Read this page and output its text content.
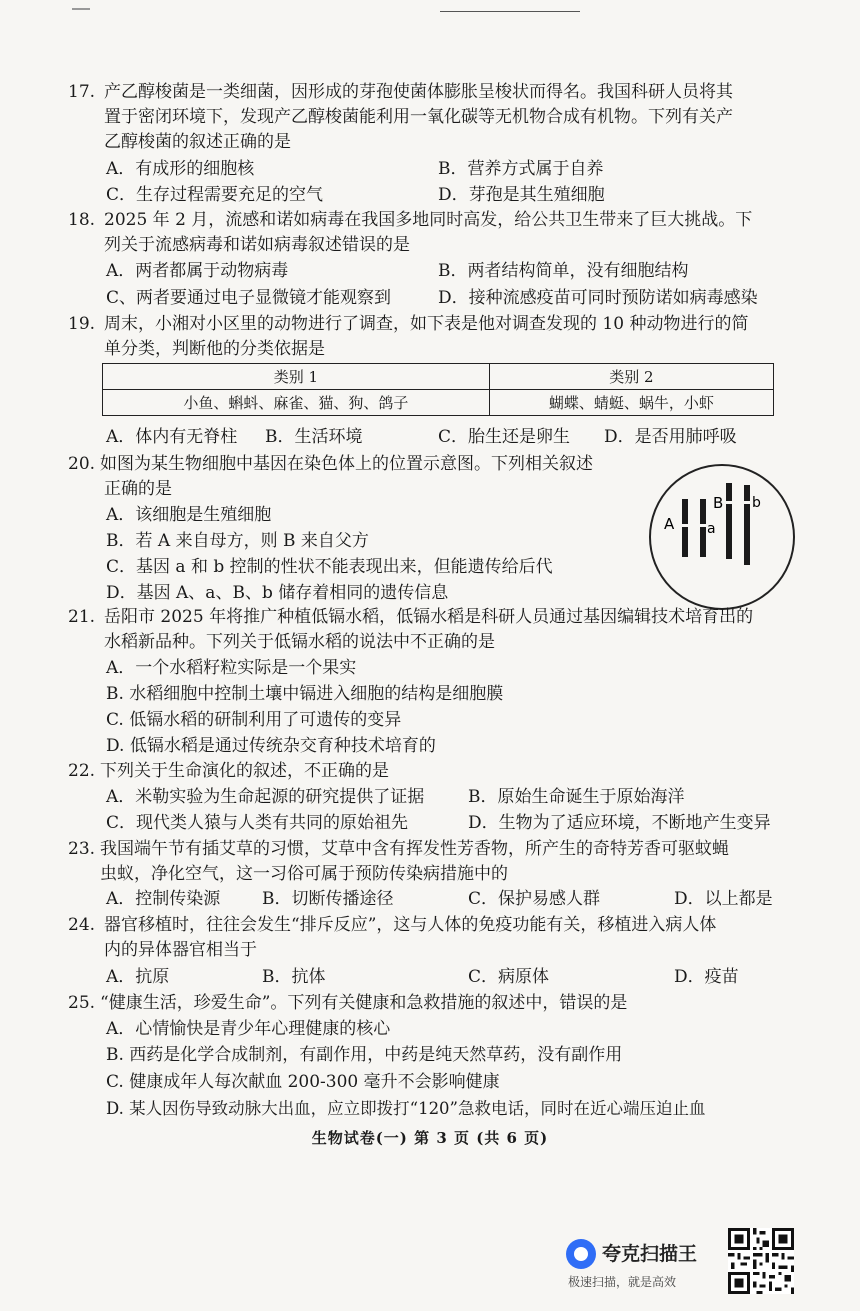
17. 产乙醇梭菌是一类细菌，因形成的芽孢使菌体膨胀呈梭状而得名。我国科研人员将其
置于密闭环境下，发现产乙醇梭菌能利用一氧化碳等无机物合成有机物。下列有关产
乙醇梭菌的叙述正确的是
A．有成形的细胞核	B．营养方式属于自养
C．生存过程需要充足的空气	D．芽孢是其生殖细胞
18. 2025 年 2 月，流感和诺如病毒在我国多地同时高发，给公共卫生带来了巨大挑战。下
列关于流感病毒和诺如病毒叙述错误的是
A．两者都属于动物病毒	B．两者结构简单，没有细胞结构
C、两者要通过电子显微镜才能观察到	D．接种流感疫苗可同时预防诺如病毒感染
19. 周末，小湘对小区里的动物进行了调查，如下表是他对调查发现的 10 种动物进行的简
单分类，判断他的分类依据是
类别 1	类别 2
小鱼、蝌蚪、麻雀、猫、狗、鸽子	蝴蝶、蜻蜓、蜗牛，小虾
A．体内有无脊柱 B．生活环境	C．胎生还是卵生 D．是否用肺呼吸
20. 如图为某生物细胞中基因在染色体上的位置示意图。下列相关叙述
正确的是
A．该细胞是生殖细胞
B．若 A 来自母方，则 B 来自父方
C．基因 a 和 b 控制的性状不能表现出来，但能遗传给后代
D．基因 A、a、B、b 储存着相同的遗传信息
A a
B b
21. 岳阳市 2025 年将推广种植低镉水稻，低镉水稻是科研人员通过基因编辑技术培育出的
水稻新品种。下列关于低镉水稻的说法中不正确的是
A．一个水稻籽粒实际是一个果实
B. 水稻细胞中控制土壤中镉进入细胞的结构是细胞膜
C. 低镉水稻的研制利用了可遗传的变异
D. 低镉水稻是通过传统杂交育种技术培育的
22. 下列关于生命演化的叙述，不正确的是
A．米勒实验为生命起源的研究提供了证据	B．原始生命诞生于原始海洋
C．现代类人猿与人类有共同的原始祖先	D．生物为了适应环境，不断地产生变异
23. 我国端午节有插艾草的习惯，艾草中含有挥发性芳香物，所产生的奇特芳香可驱蚊蝇
虫蚁，净化空气，这一习俗可属于预防传染病措施中的
A．控制传染源 B．切断传播途径	C．保护易感人群	D．以上都是
24. 器官移植时，往往会发生“排斥反应”，这与人体的免疫功能有关，移植进入病人体
内的异体器官相当于
A．抗原	B．抗体	C．病原体	D．疫苗
25. “健康生活，珍爱生命”。下列有关健康和急救措施的叙述中，错误的是
A．心情愉快是青少年心理健康的核心
B. 西药是化学合成制剂，有副作用，中药是纯天然草药，没有副作用
C. 健康成年人每次献血 200-300 毫升不会影响健康
D. 某人因伤导致动脉大出血，应立即拨打“120”急救电话，同时在近心端压迫止血
生物试卷(一) 第 3 页 (共 6 页)
夸克扫描王
极速扫描，就是高效
